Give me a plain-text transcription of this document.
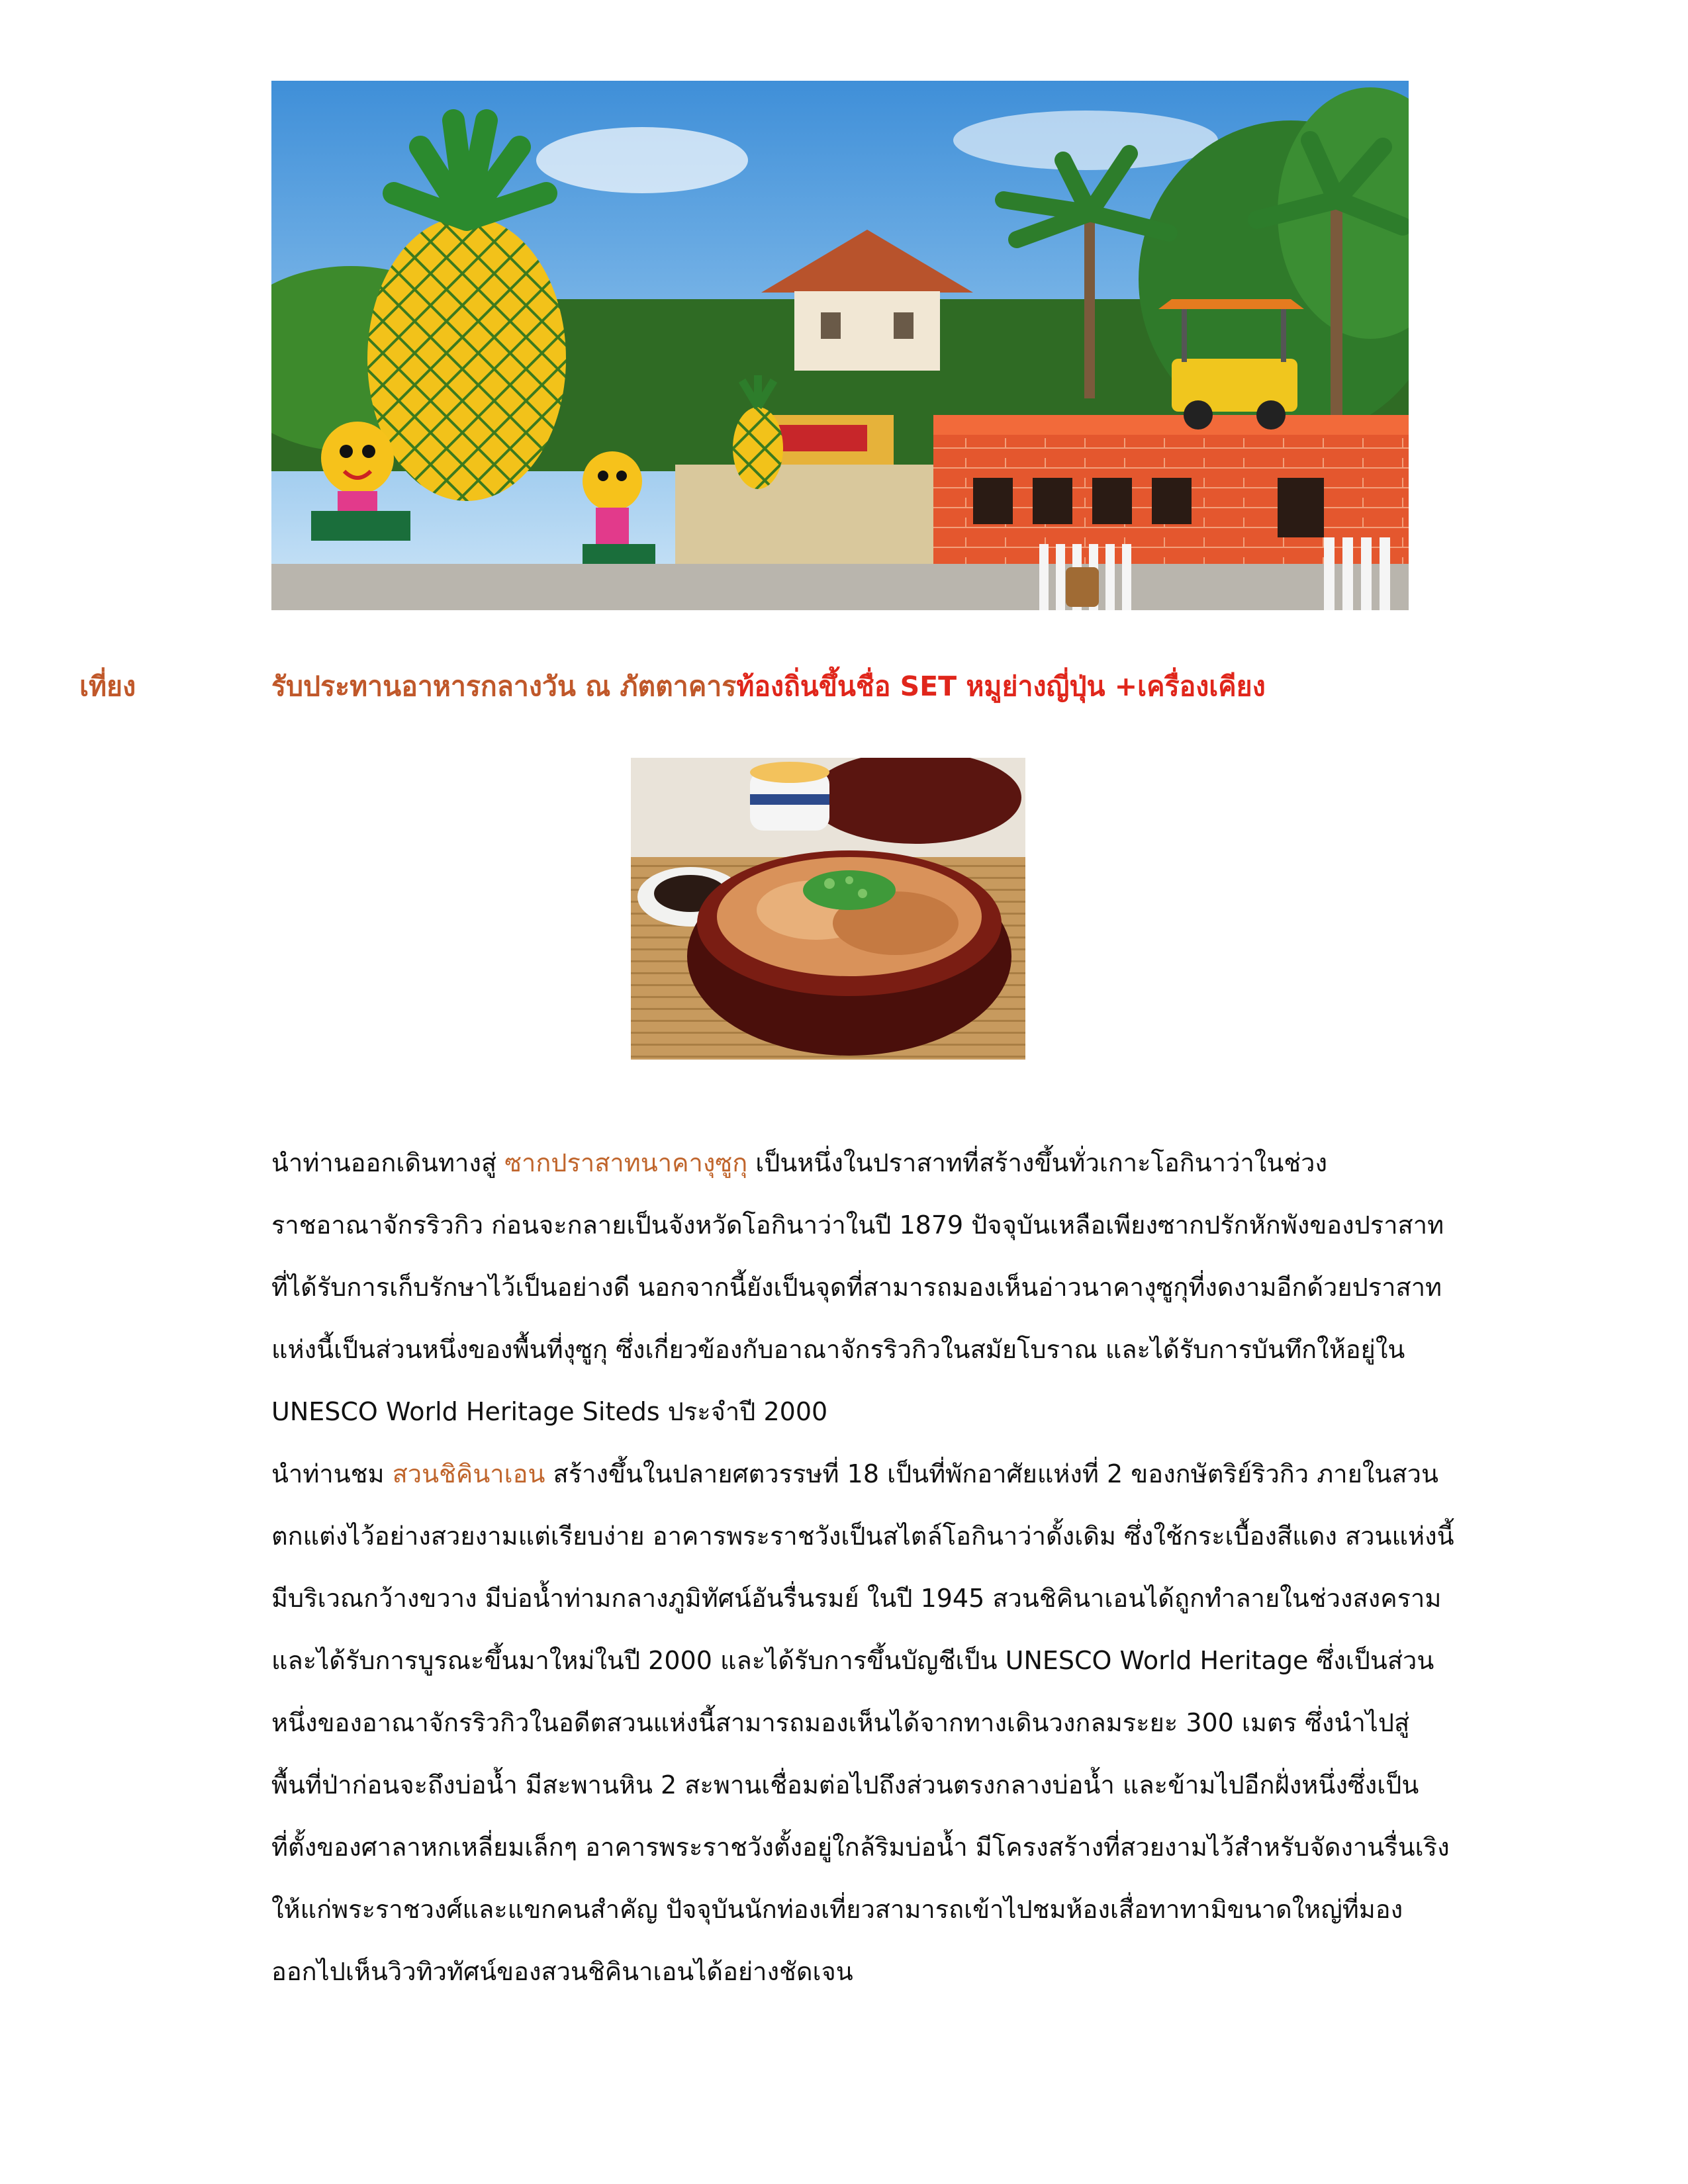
เที่ยง	รับประทานอาหารกลางวัน ณ ภัตตาคารท้องถิ่นขึ้นชื่อ SET หมูย่างญี่ปุ่น +เครื่องเคียง

นำท่านออกเดินทางสู่ ซากปราสาทนาคางุซูกุ เป็นหนึ่งในปราสาทที่สร้างขึ้นทั่วเกาะโอกินาว่าในช่วง
ราชอาณาจักรริวกิว ก่อนจะกลายเป็นจังหวัดโอกินาว่าในปี 1879 ปัจจุบันเหลือเพียงซากปรักหักพังของปราสาท
ที่ได้รับการเก็บรักษาไว้เป็นอย่างดี นอกจากนี้ยังเป็นจุดที่สามารถมองเห็นอ่าวนาคางุซูกุที่งดงามอีกด้วยปราสาท
แห่งนี้เป็นส่วนหนึ่งของพื้นที่งุซูกุ ซึ่งเกี่ยวข้องกับอาณาจักรริวกิวในสมัยโบราณ และได้รับการบันทึกให้อยู่ใน
UNESCO World Heritage Siteds ประจำปี 2000

นำท่านชม สวนชิคินาเอน สร้างขึ้นในปลายศตวรรษที่ 18 เป็นที่พักอาศัยแห่งที่ 2 ของกษัตริย์ริวกิว ภายในสวน
ตกแต่งไว้อย่างสวยงามแต่เรียบง่าย อาคารพระราชวังเป็นสไตล์โอกินาว่าดั้งเดิม ซึ่งใช้กระเบื้องสีแดง สวนแห่งนี้
มีบริเวณกว้างขวาง มีบ่อน้ำท่ามกลางภูมิทัศน์อันรื่นรมย์ ในปี 1945 สวนชิคินาเอนได้ถูกทำลายในช่วงสงคราม
และได้รับการบูรณะขึ้นมาใหม่ในปี 2000 และได้รับการขึ้นบัญชีเป็น UNESCO World Heritage ซึ่งเป็นส่วน
หนึ่งของอาณาจักรริวกิวในอดีตสวนแห่งนี้สามารถมองเห็นได้จากทางเดินวงกลมระยะ 300 เมตร ซึ่งนำไปสู่
พื้นที่ป่าก่อนจะถึงบ่อน้ำ มีสะพานหิน 2 สะพานเชื่อมต่อไปถึงส่วนตรงกลางบ่อน้ำ และข้ามไปอีกฝั่งหนึ่งซึ่งเป็น
ที่ตั้งของศาลาหกเหลี่ยมเล็กๆ อาคารพระราชวังตั้งอยู่ใกล้ริมบ่อน้ำ มีโครงสร้างที่สวยงามไว้สำหรับจัดงานรื่นเริง
ให้แก่พระราชวงศ์และแขกคนสำคัญ ปัจจุบันนักท่องเที่ยวสามารถเข้าไปชมห้องเสื่อทาทามิขนาดใหญ่ที่มอง
ออกไปเห็นวิวทิวทัศน์ของสวนชิคินาเอนได้อย่างชัดเจน
